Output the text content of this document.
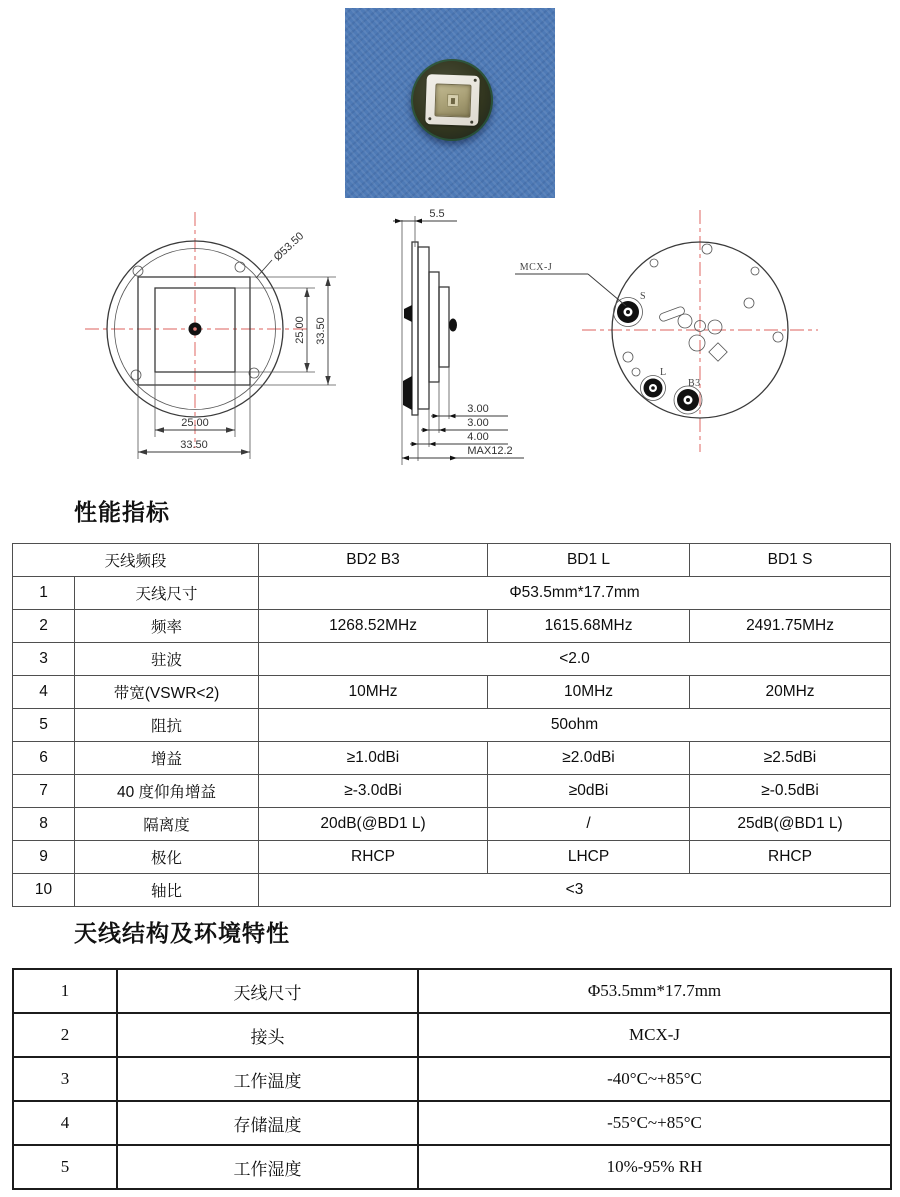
Ø53.50
25.00 33.50
25.00
33.50
5.5
3.00
3.00
4.00
MAX12.2
S
L
B3
MCX-J
性能指标
天线频段		BD2 B3	BD1 L	BD1 S
1	天线尺寸	Φ53.5mm*17.7mm		
2	频率	1268.52MHz	1615.68MHz	2491.75MHz
3	驻波	<2.0		
4	带宽(VSWR<2)	10MHz	10MHz	20MHz
5	阻抗	50ohm		
6	增益	≥1.0dBi	≥2.0dBi	≥2.5dBi
7	40 度仰角增益	≥-3.0dBi	≥0dBi	≥-0.5dBi
8	隔离度	20dB(@BD1 L)	/	25dB(@BD1 L)
9	极化	RHCP	LHCP	RHCP
10	轴比	<3		
天线结构及环境特性
1	天线尺寸	Φ53.5mm*17.7mm
2	接头	MCX-J
3	工作温度	-40°C~+85°C
4	存储温度	-55°C~+85°C
5	工作湿度	10%-95% RH
